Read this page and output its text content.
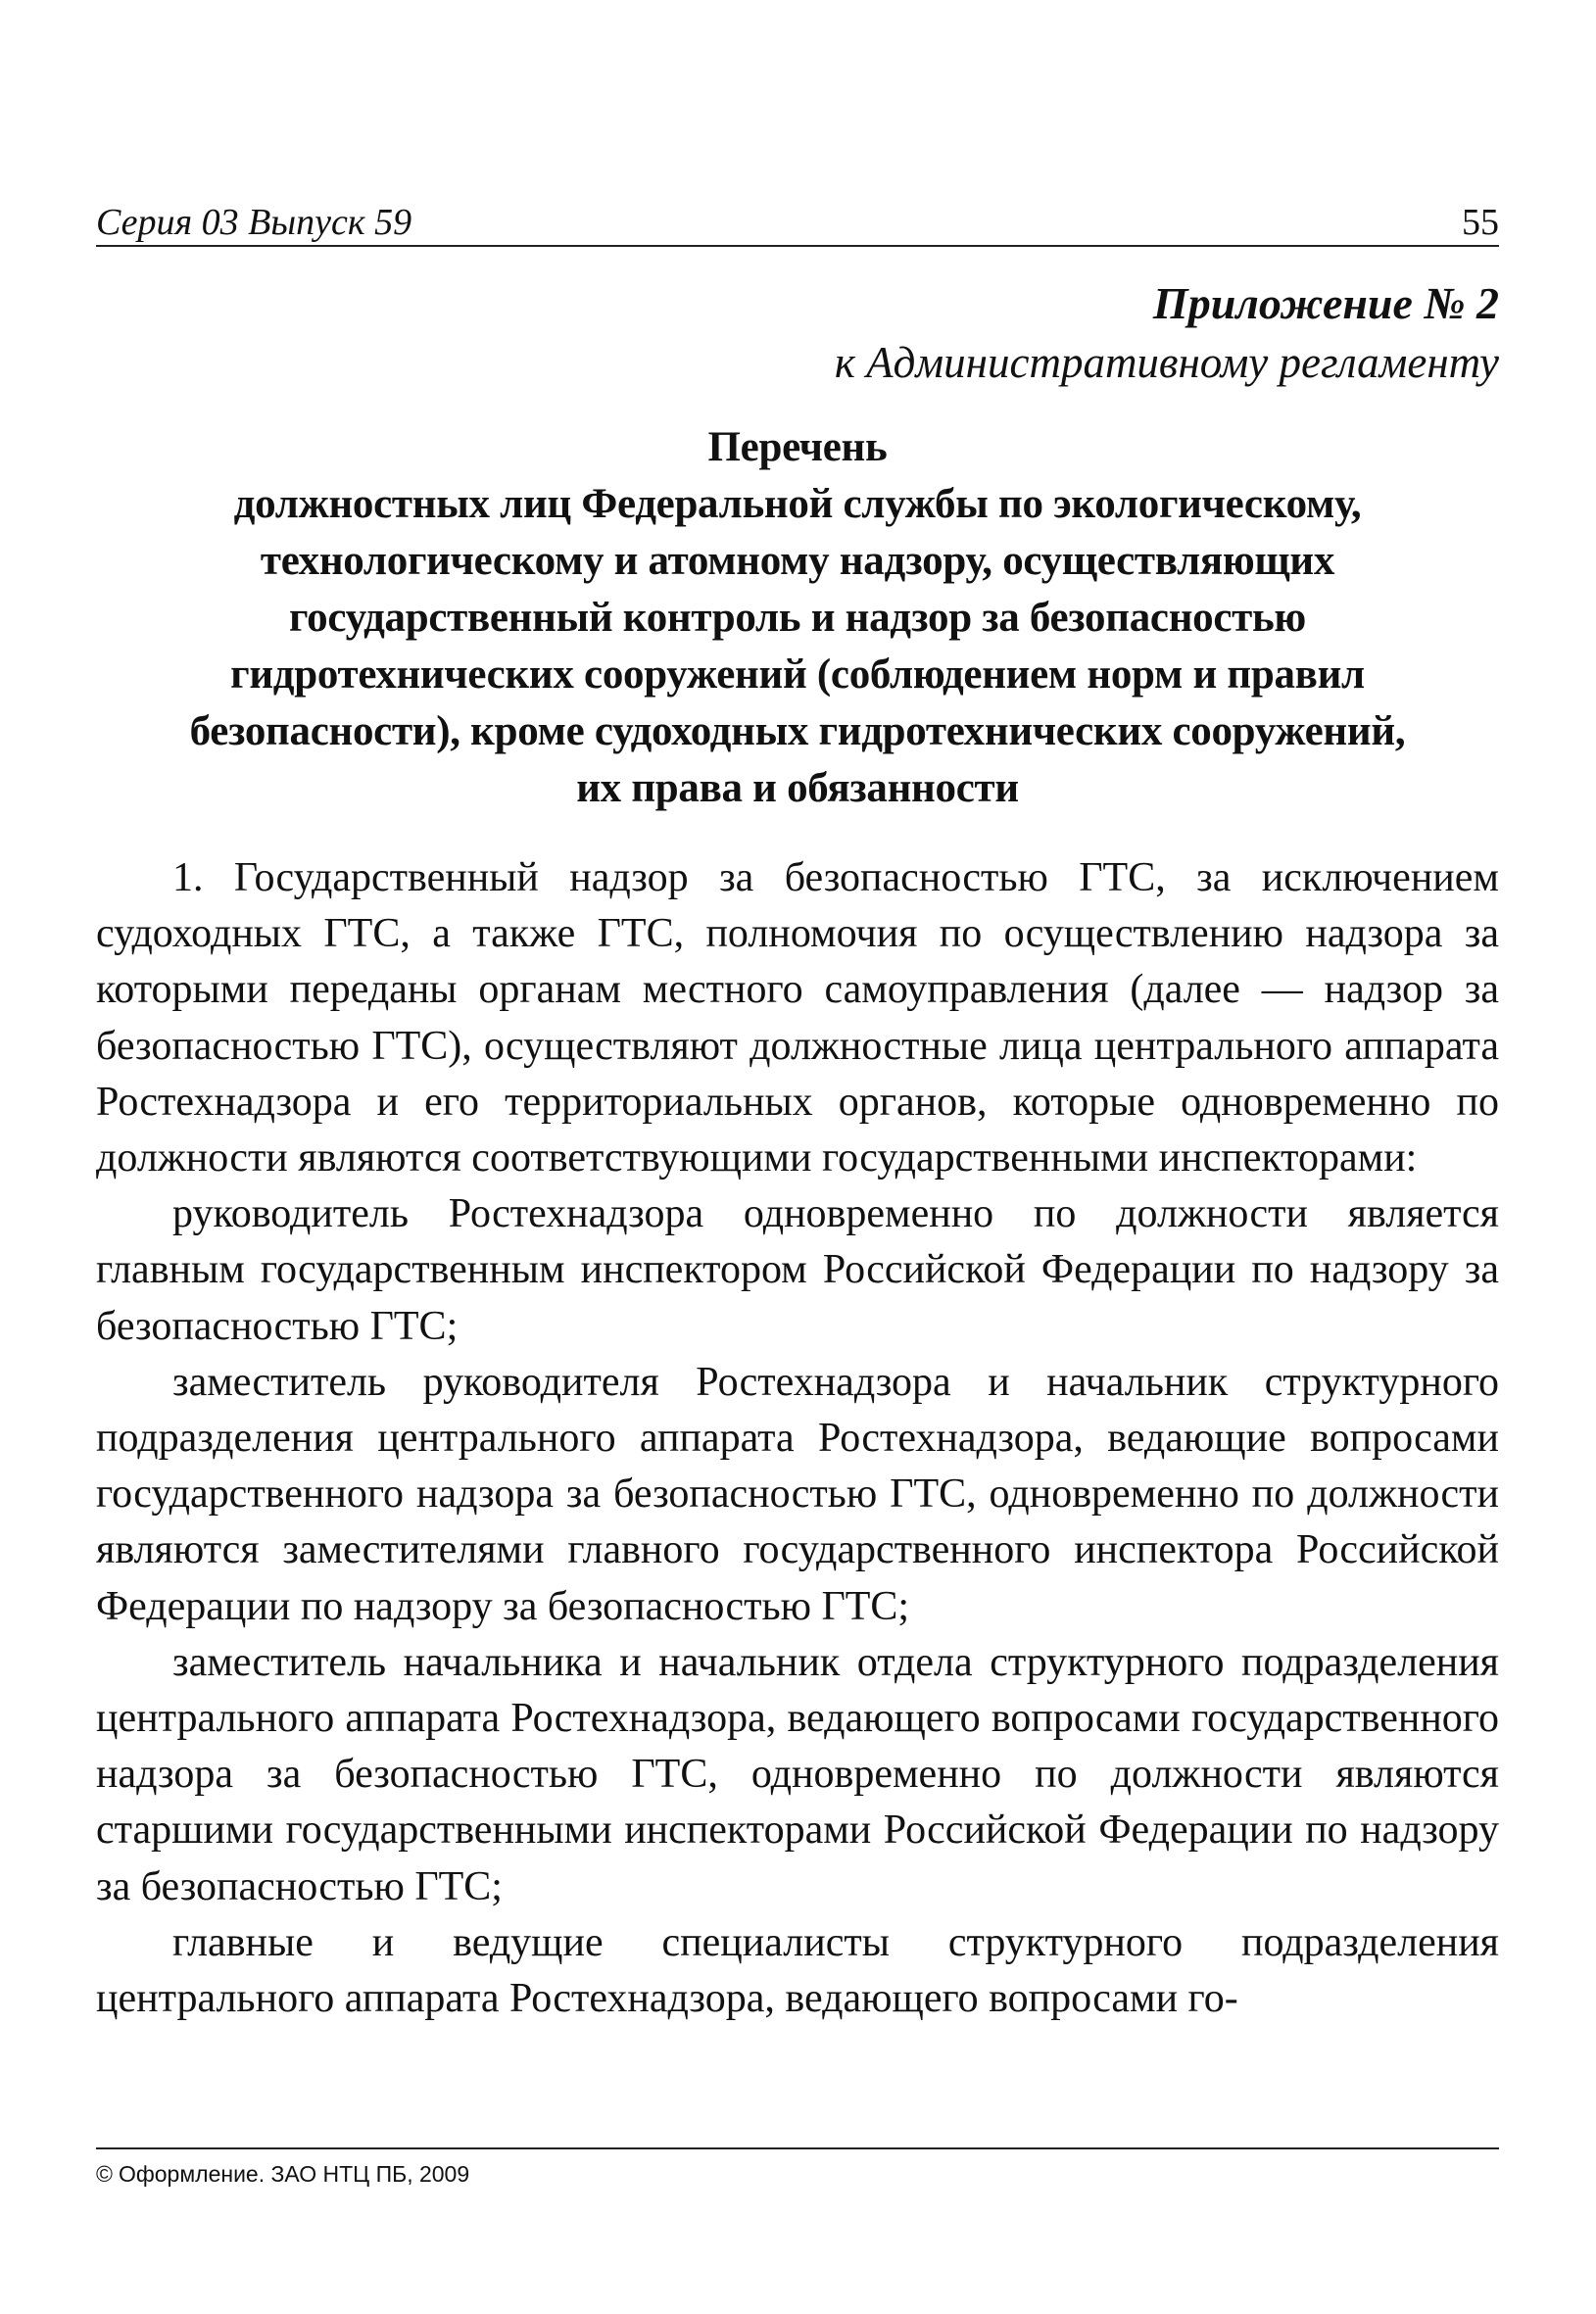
Серия 03 Выпуск 59	55
Приложение № 2
к Административному регламенту
Перечень
должностных лиц Федеральной службы по экологическому,
технологическому и атомному надзору, осуществляющих
государственный контроль и надзор за безопасностью
гидротехнических сооружений (соблюдением норм и правил
безопасности), кроме судоходных гидротехнических сооружений,
их права и обязанности

1. Государственный надзор за безопасностью ГТС, за исключением судоходных ГТС, а также ГТС, полномочия по осуществлению надзора за которыми переданы органам местного самоуправления (далее — надзор за безопасностью ГТС), осуществляют должностные лица центрального аппарата Ростехнадзора и его территориальных органов, которые одновременно по должности являются соответствующими государственными инспекторами:

руководитель Ростехнадзора одновременно по должности является главным государственным инспектором Российской Федерации по надзору за безопасностью ГТС;

заместитель руководителя Ростехнадзора и начальник структурного подразделения центрального аппарата Ростехнадзора, ведающие вопросами государственного надзора за безопасностью ГТС, одновременно по должности являются заместителями главного государственного инспектора Российской Федерации по надзору за безопасностью ГТС;

заместитель начальника и начальник отдела структурного подразделения центрального аппарата Ростехнадзора, ведающего вопросами государственного надзора за безопасностью ГТС, одновременно по должности являются старшими государственными инспекторами Российской Федерации по надзору за безопасностью ГТС;

главные и ведущие специалисты структурного подразделения центрального аппарата Ростехнадзора, ведающего вопросами го-

© Оформление. ЗАО НТЦ ПБ, 2009
